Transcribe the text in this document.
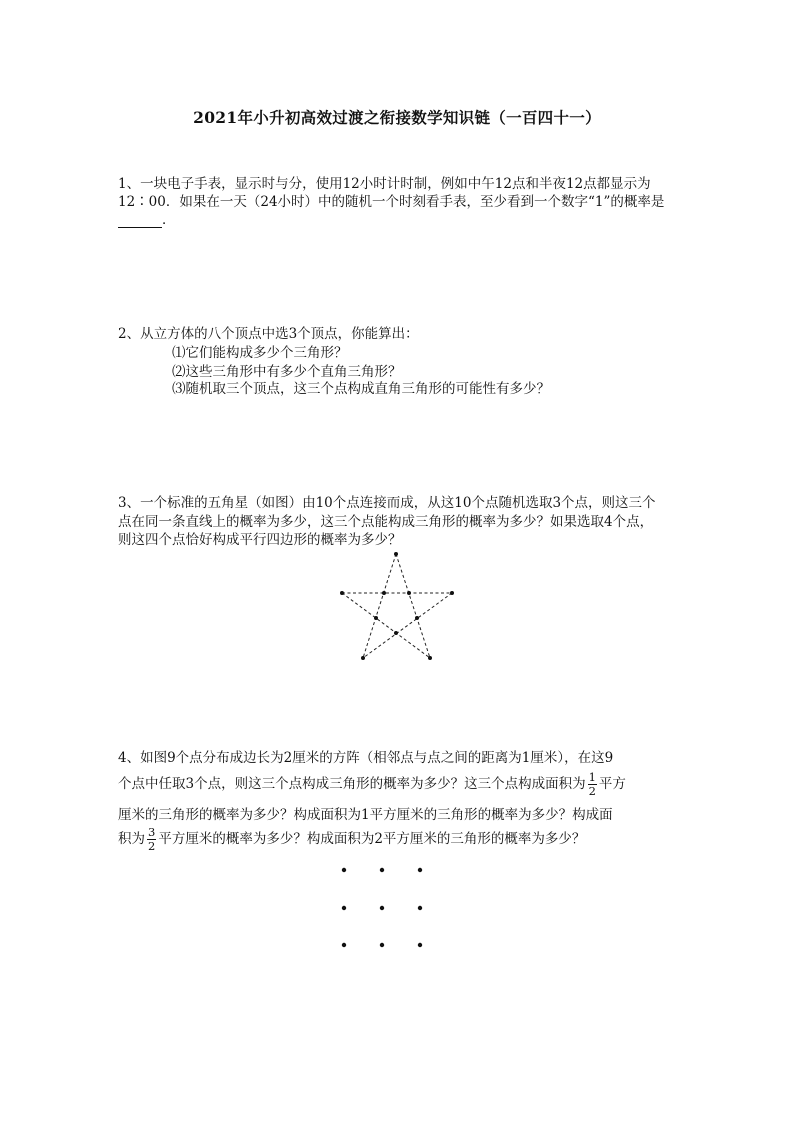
2021年小升初高效过渡之衔接数学知识链（一百四十一）
1、一块电子手表，显示时与分，使用12小时计时制，例如中午12点和半夜12点都显示为
12∶00．如果在一天（24小时）中的随机一个时刻看手表，至少看到一个数字“1”的概率是
．
2、从立方体的八个顶点中选3个顶点，你能算出：
⑴它们能构成多少个三角形？
⑵这些三角形中有多少个直角三角形？
⑶随机取三个顶点，这三个点构成直角三角形的可能性有多少？
3、一个标准的五角星（如图）由10个点连接而成，从这10个点随机选取3个点，则这三个
点在同一条直线上的概率为多少，这三个点能构成三角形的概率为多少？如果选取4个点，
则这四个点恰好构成平行四边形的概率为多少？
4、如图9个点分布成边长为2厘米的方阵（相邻点与点之间的距离为1厘米），在这9
个点中任取3个点，则这三个点构成三角形的概率为多少？这三个点构成面积为 $\frac{1}{2}$ 平方
厘米的三角形的概率为多少？构成面积为1平方厘米的三角形的概率为多少？构成面
积为 $\frac{3}{2}$ 平方厘米的概率为多少？构成面积为2平方厘米的三角形的概率为多少？
